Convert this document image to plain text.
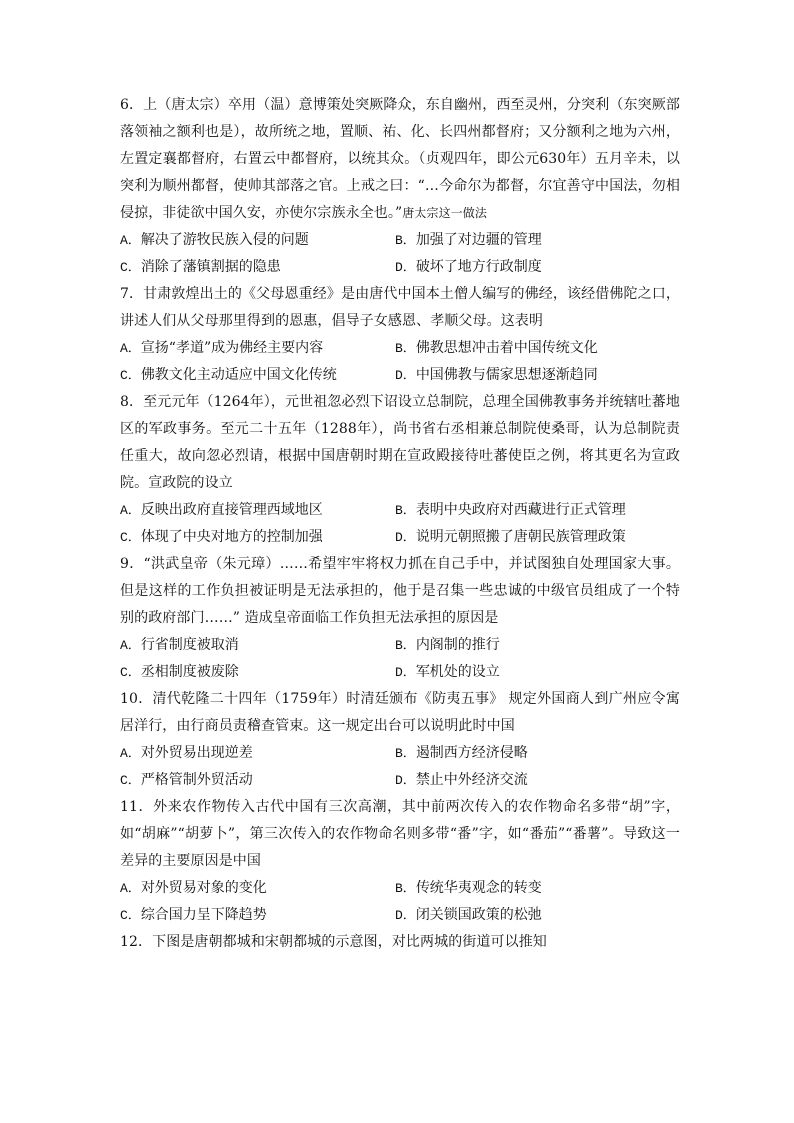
6．上（唐太宗）卒用（温）意博策处突厥降众，东自幽州，西至灵州，分突利（东突厥部落领袖之额利也是），故所统之地，置顺、祐、化、长四州都督府；又分额利之地为六州，左置定襄都督府，右置云中都督府，以统其众。（贞观四年，即公元630年）五月辛未，以突利为顺州都督，使帅其部落之官。上戒之曰：“…今命尔为都督，尔宜善守中国法，勿相侵掠，非徒欲中国久安，亦使尔宗族永全也。”唐太宗这一做法

A．解决了游牧民族入侵的问题	B．加强了对边疆的管理
C．消除了藩镇割据的隐患	D．破坏了地方行政制度

7．甘肃敦煌出土的《父母恩重经》是由唐代中国本土僧人编写的佛经，该经借佛陀之口，讲述人们从父母那里得到的恩惠，倡导子女感恩、孝顺父母。这表明

A．宣扬“孝道”成为佛经主要内容	B．佛教思想冲击着中国传统文化
C．佛教文化主动适应中国文化传统	D．中国佛教与儒家思想逐渐趋同

8．至元元年（1264年），元世祖忽必烈下诏设立总制院，总理全国佛教事务并统辖吐蕃地区的军政事务。至元二十五年（1288年），尚书省右丞相兼总制院使桑哥，认为总制院责任重大，故向忽必烈请，根据中国唐朝时期在宣政殿接待吐蕃使臣之例，将其更名为宣政院。宣政院的设立

A．反映出政府直接管理西域地区	B．表明中央政府对西藏进行正式管理
C．体现了中央对地方的控制加强	D．说明元朝照搬了唐朝民族管理政策

9．“洪武皇帝（朱元璋）……希望牢牢将权力抓在自己手中，并试图独自处理国家大事。但是这样的工作负担被证明是无法承担的，他于是召集一些忠诚的中级官员组成了一个特别的政府部门……” 造成皇帝面临工作负担无法承担的原因是

A．行省制度被取消	B．内阁制的推行
C．丞相制度被废除	D．军机处的设立

10．清代乾隆二十四年（1759年）时清廷颁布《防夷五事》 规定外国商人到广州应令寓居洋行，由行商员责稽查管束。这一规定出台可以说明此时中国

A．对外贸易出现逆差	B．遏制西方经济侵略
C．严格管制外贸活动	D．禁止中外经济交流

11．外来农作物传入古代中国有三次高潮，其中前两次传入的农作物命名多带“胡”字，如“胡麻”“胡萝卜”，第三次传入的农作物命名则多带“番”字，如“番茄”“番薯”。导致这一差异的主要原因是中国

A．对外贸易对象的变化	B．传统华夷观念的转变
C．综合国力呈下降趋势	D．闭关锁国政策的松弛

12．下图是唐朝都城和宋朝都城的示意图，对比两城的街道可以推知
